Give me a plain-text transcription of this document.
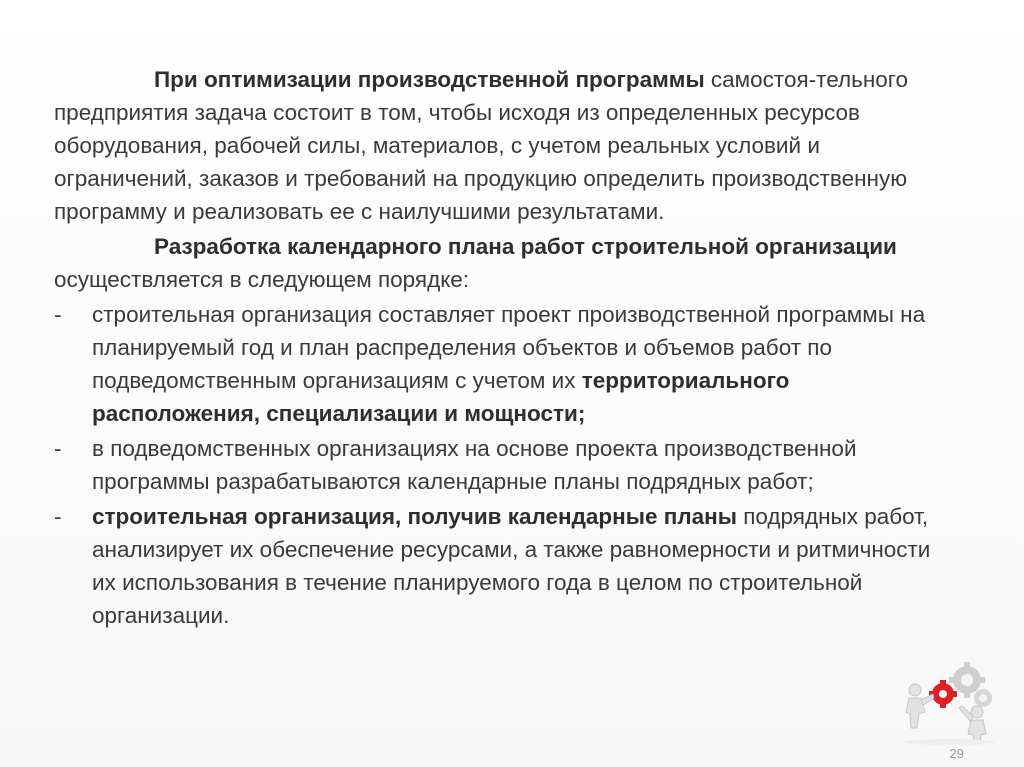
При оптимизации производственной программы самостоя-тельного предприятия задача состоит в том, чтобы исходя из определенных ресурсов оборудования, рабочей силы, материалов, с учетом реальных условий и ограничений, заказов и требований на продукцию определить производственную программу и реализовать ее с наилучшими результатами.

Разработка календарного плана работ строительной организации осуществляется в следующем порядке:

-	строительная организация составляет проект производственной программы на планируемый год и план распределения объектов и объемов работ по подведомственным организациям с учетом их территориального расположения, специализации и мощности;
-	в подведомственных организациях на основе проекта производственной программы разрабатываются календарные планы подрядных работ;
-	строительная организация, получив календарные планы подрядных работ, анализирует их обеспечение ресурсами, а также равномерности и ритмичности их использования в течение планируемого года в целом по строительной организации.
29
